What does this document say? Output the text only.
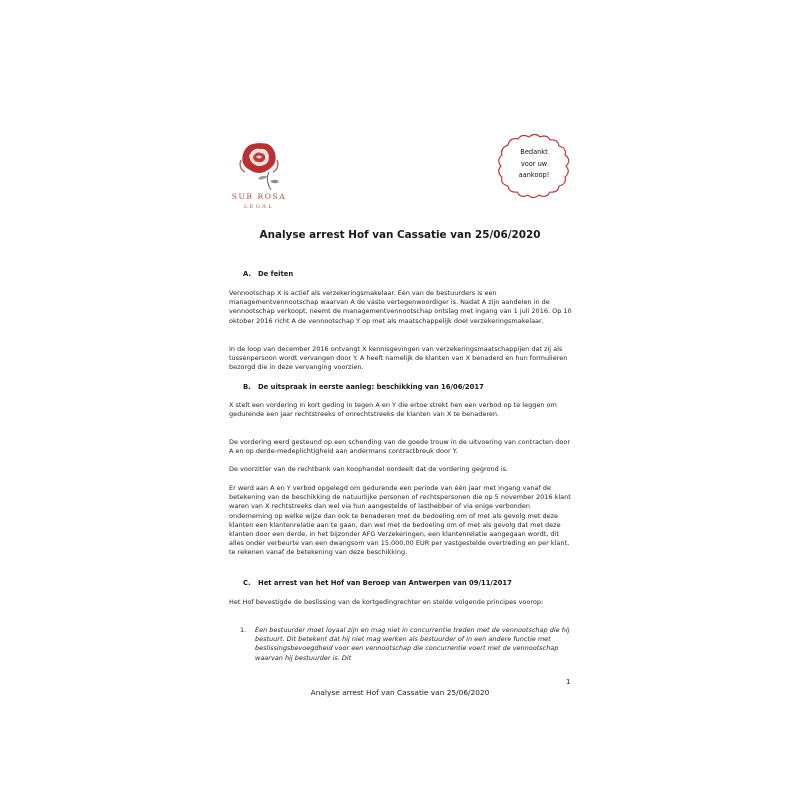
SUB ROSA
LEGAL
Bedankt
voor uw
aankoop!
Analyse arrest Hof van Cassatie van 25/06/2020
A. De feiten
Vennootschap X is actief als verzekeringsmakelaar. Eén van de bestuurders is een managementvennootschap waarvan A de vaste vertegenwoordiger is. Nadat A zijn aandelen in de vennootschap verkoopt, neemt de managementvennootschap ontslag met ingang van 1 juli 2016. Op 10 oktober 2016 richt A de vennootschap Y op met als maatschappelijk doel verzekeringsmakelaar.
In de loop van december 2016 ontvangt X kennisgevingen van verzekeringsmaatschappijen dat zij als tussenpersoon wordt vervangen door Y. A heeft namelijk de klanten van X benaderd en hun formulieren bezorgd die in deze vervanging voorzien.
B. De uitspraak in eerste aanleg: beschikking van 16/06/2017
X stelt een vordering in kort geding in tegen A en Y die ertoe strekt hen een verbod op te leggen om gedurende een jaar rechtstreeks of onrechtstreeks de klanten van X te benaderen.
De vordering werd gesteund op een schending van de goede trouw in de uitvoering van contracten door A en op derde-medeplichtigheid aan andermans contractbreuk door Y.
De voorzitter van de rechtbank van koophandel oordeelt dat de vordering gegrond is.
Er werd aan A en Y verbod opgelegd om gedurende een periode van één jaar met ingang vanaf de betekening van de beschikking de natuurlijke personen of rechtspersonen die op 5 november 2016 klant waren van X rechtstreeks dan wel via hun aangestelde of lasthebber of via enige verbonden onderneming op welke wijze dan ook te benaderen met de bedoeling om of met als gevolg met deze klanten een klantenrelatie aan te gaan, dan wel met de bedoeling om of met als gevolg dat met deze klanten door een derde, in het bijzonder AFG Verzekeringen, een klantenrelatie aangegaan wordt, dit alles onder verbeurte van een dwangsom van 15.000,00 EUR per vastgestelde overtreding en per klant, te rekenen vanaf de betekening van deze beschikking.
C. Het arrest van het Hof van Beroep van Antwerpen van 09/11/2017
Het Hof bevestigde de beslissing van de kortgedingrechter en stelde volgende principes voorop:
1. Een bestuurder moet loyaal zijn en mag niet in concurrentie treden met de vennootschap die hij bestuurt. Dit betekent dat hij niet mag werken als bestuurder of in een andere functie met beslissingsbevoegdheid voor een vennootschap die concurrentie voert met de vennootschap waarvan hij bestuurder is. Dit
1
Analyse arrest Hof van Cassatie van 25/06/2020
